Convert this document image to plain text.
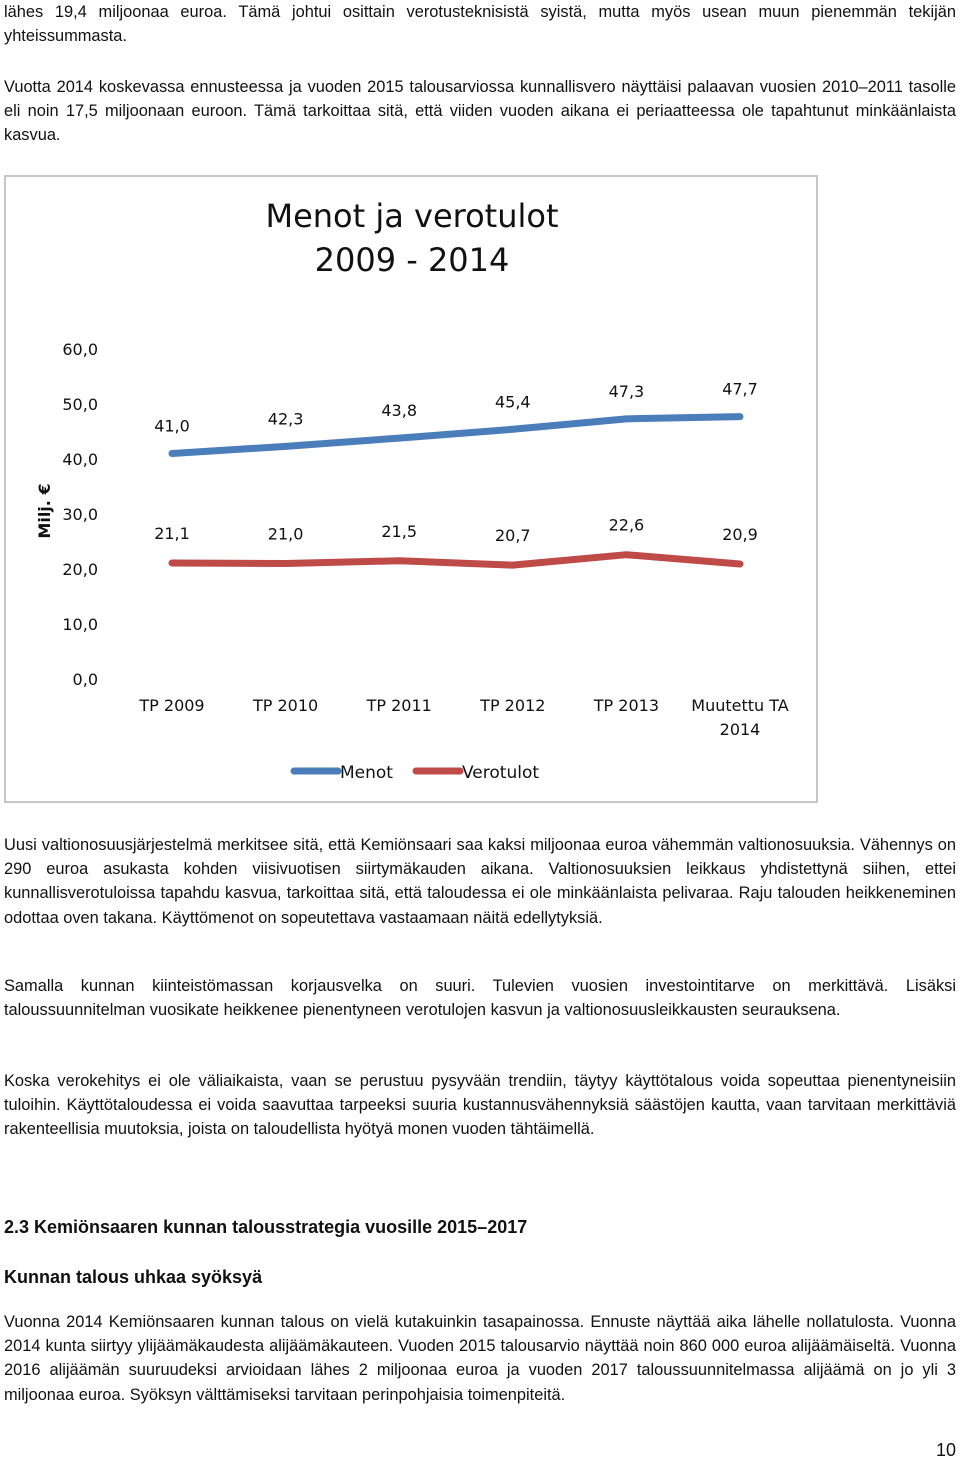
lähes 19,4 miljoonaa euroa. Tämä johtui osittain verotusteknisistä syistä, mutta myös usean muun pienemmän tekijän yhteissummasta.

Vuotta 2014 koskevassa ennusteessa ja vuoden 2015 talousarviossa kunnallisvero näyttäisi palaavan vuosien 2010–2011 tasolle eli noin 17,5 miljoonaan euroon. Tämä tarkoittaa sitä, että viiden vuoden aikana ei periaatteessa ole tapahtunut minkäänlaista kasvua.

Menot ja verotulot
2009 - 2014
Milj. €
0,0
10,0
20,0
30,0
40,0
50,0
60,0
TP 2009	TP 2010	TP 2011	TP 2012	TP 2013 Muutettu TA 2014
41,0	42,3	43,8	45,4
47,3	47,7
21,1	21,0	21,5	20,7
22,6	20,9
Menot	Verotulot

Uusi valtionosuusjärjestelmä merkitsee sitä, että Kemiönsaari saa kaksi miljoonaa euroa vähemmän valtionosuuksia. Vähennys on 290 euroa asukasta kohden viisivuotisen siirtymäkauden aikana. Valtionosuuksien leikkaus yhdistettynä siihen, ettei kunnallisverotuloissa tapahdu kasvua, tarkoittaa sitä, että taloudessa ei ole minkäänlaista pelivaraa. Raju talouden heikkeneminen odottaa oven takana. Käyttömenot on sopeutettava vastaamaan näitä edellytyksiä.

Samalla kunnan kiinteistömassan korjausvelka on suuri. Tulevien vuosien investointitarve on merkittävä. Lisäksi taloussuunnitelman vuosikate heikkenee pienentyneen verotulojen kasvun ja valtionosuusleikkausten seurauksena.

Koska verokehitys ei ole väliaikaista, vaan se perustuu pysyvään trendiin, täytyy käyttötalous voida sopeuttaa pienentyneisiin tuloihin. Käyttötaloudessa ei voida saavuttaa tarpeeksi suuria kustannusvähennyksiä säästöjen kautta, vaan tarvitaan merkittäviä rakenteellisia muutoksia, joista on taloudellista hyötyä monen vuoden tähtäimellä.

2.3 Kemiönsaaren kunnan talousstrategia vuosille 2015–2017
Kunnan talous uhkaa syöksyä

Vuonna 2014 Kemiönsaaren kunnan talous on vielä kutakuinkin tasapainossa. Ennuste näyttää aika lähelle nollatulosta. Vuonna 2014 kunta siirtyy ylijäämäkaudesta alijäämäkauteen. Vuoden 2015 talousarvio näyttää noin 860 000 euroa alijäämäiseltä. Vuonna 2016 alijäämän suuruudeksi arvioidaan lähes 2 miljoonaa euroa ja vuoden 2017 taloussuunnitelmassa alijäämä on jo yli 3 miljoonaa euroa. Syöksyn välttämiseksi tarvitaan perinpohjaisia toimenpiteitä.

10
